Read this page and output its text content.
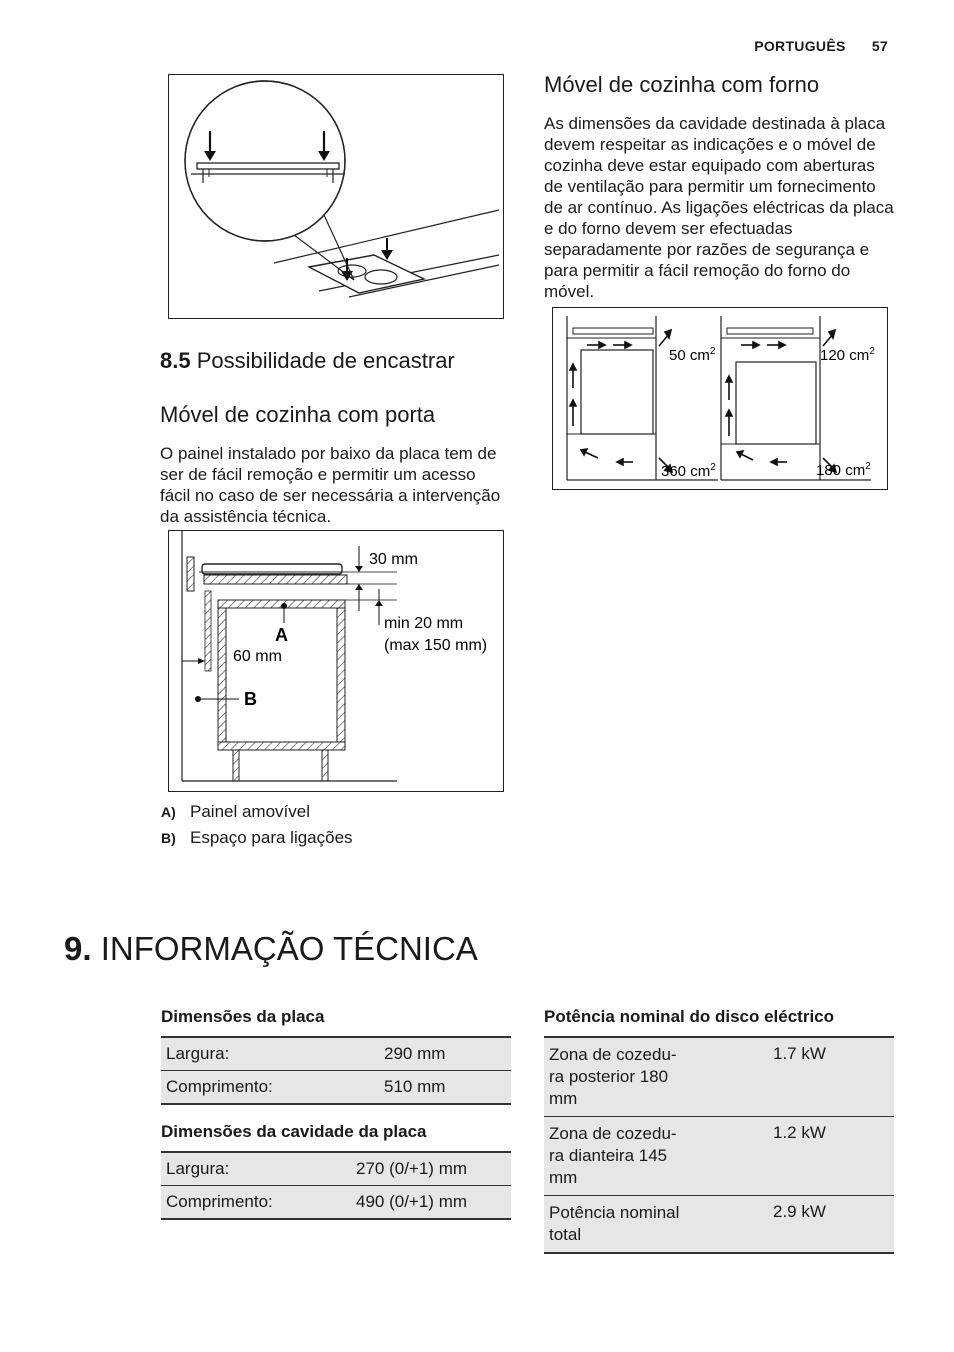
PORTUGUÊS 57
8.5 Possibilidade de encastrar
Móvel de cozinha com porta
O painel instalado por baixo da placa tem de ser de fácil remoção e permitir um acesso fácil no caso de ser necessária a intervenção da assistência técnica.
30 mm
min 20 mm
(max 150 mm)
60 mm
A
B
A) Painel amovível
B) Espaço para ligações
Móvel de cozinha com forno
As dimensões da cavidade destinada à placa devem respeitar as indicações e o móvel de cozinha deve estar equipado com aberturas de ventilação para permitir um fornecimento de ar contínuo. As ligações eléctricas da placa e do forno devem ser efectuadas separadamente por razões de segurança e para permitir a fácil remoção do forno do móvel.
50 $cm^2$
360 $cm^2$
120 $cm^2$
180 $cm^2$
9. INFORMAÇÃO TÉCNICA
Dimensões da placa
Largura:	290 mm
Comprimento:	510 mm
Dimensões da cavidade da placa
Largura:	270 (0/+1) mm
Comprimento:	490 (0/+1) mm
Potência nominal do disco eléctrico
Zona de cozedu-
ra posterior 180
mm	1.7 kW
Zona de cozedu-
ra dianteira 145
mm	1.2 kW
Potência nominal
total	2.9 kW
